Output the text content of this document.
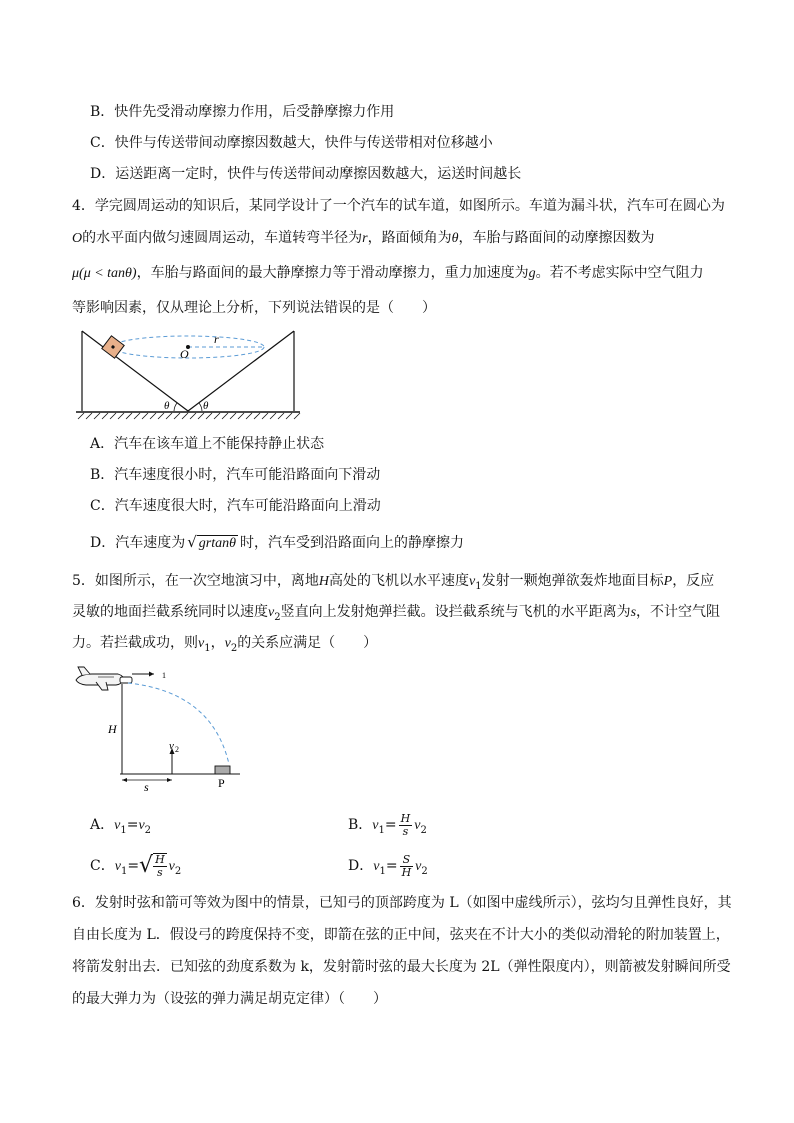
B．快件先受滑动摩擦力作用，后受静摩擦力作用
C．快件与传送带间动摩擦因数越大，快件与传送带相对位移越小
D．运送距离一定时，快件与传送带间动摩擦因数越大，运送时间越长
4．学完圆周运动的知识后，某同学设计了一个汽车的试车道，如图所示。车道为漏斗状，汽车可在圆心为
O的水平面内做匀速圆周运动，车道转弯半径为r，路面倾角为θ，车胎与路面间的动摩擦因数为
μ(μ < tanθ)，车胎与路面间的最大静摩擦力等于滑动摩擦力，重力加速度为g。若不考虑实际中空气阻力
等影响因素，仅从理论上分析，下列说法错误的是（　　）
O
r
θ	θ
A．汽车在该车道上不能保持静止状态
B．汽车速度很小时，汽车可能沿路面向下滑动
C．汽车速度很大时，汽车可能沿路面向上滑动
D．汽车速度为 √ grtanθ 时，汽车受到沿路面向上的静摩擦力
5．如图所示，在一次空地演习中，离地H高处的飞机以水平速度$v_1$发射一颗炮弹欲轰炸地面目标P，反应
灵敏的地面拦截系统同时以速度$v_2$竖直向上发射炮弹拦截。设拦截系统与飞机的水平距离为s，不计空气阻
力。若拦截成功，则$v_1$，$v_2$的关系应满足（　　）
1
H
v 2
P
s
A．$v_1=v_2$	B．$v_1= \frac{H}{s} v_2$
C．$v_1=√ \frac{H}{s} v_2$	D．$v_1= \frac{S}{H} v_2$
6．发射时弦和箭可等效为图中的情景，已知弓的顶部跨度为 L（如图中虚线所示），弦均匀且弹性良好，其
自由长度为 L．假设弓的跨度保持不变，即箭在弦的正中间，弦夹在不计大小的类似动滑轮的附加装置上，
将箭发射出去．已知弦的劲度系数为 k，发射箭时弦的最大长度为 2L（弹性限度内），则箭被发射瞬间所受
的最大弹力为（设弦的弹力满足胡克定律）（　　）
